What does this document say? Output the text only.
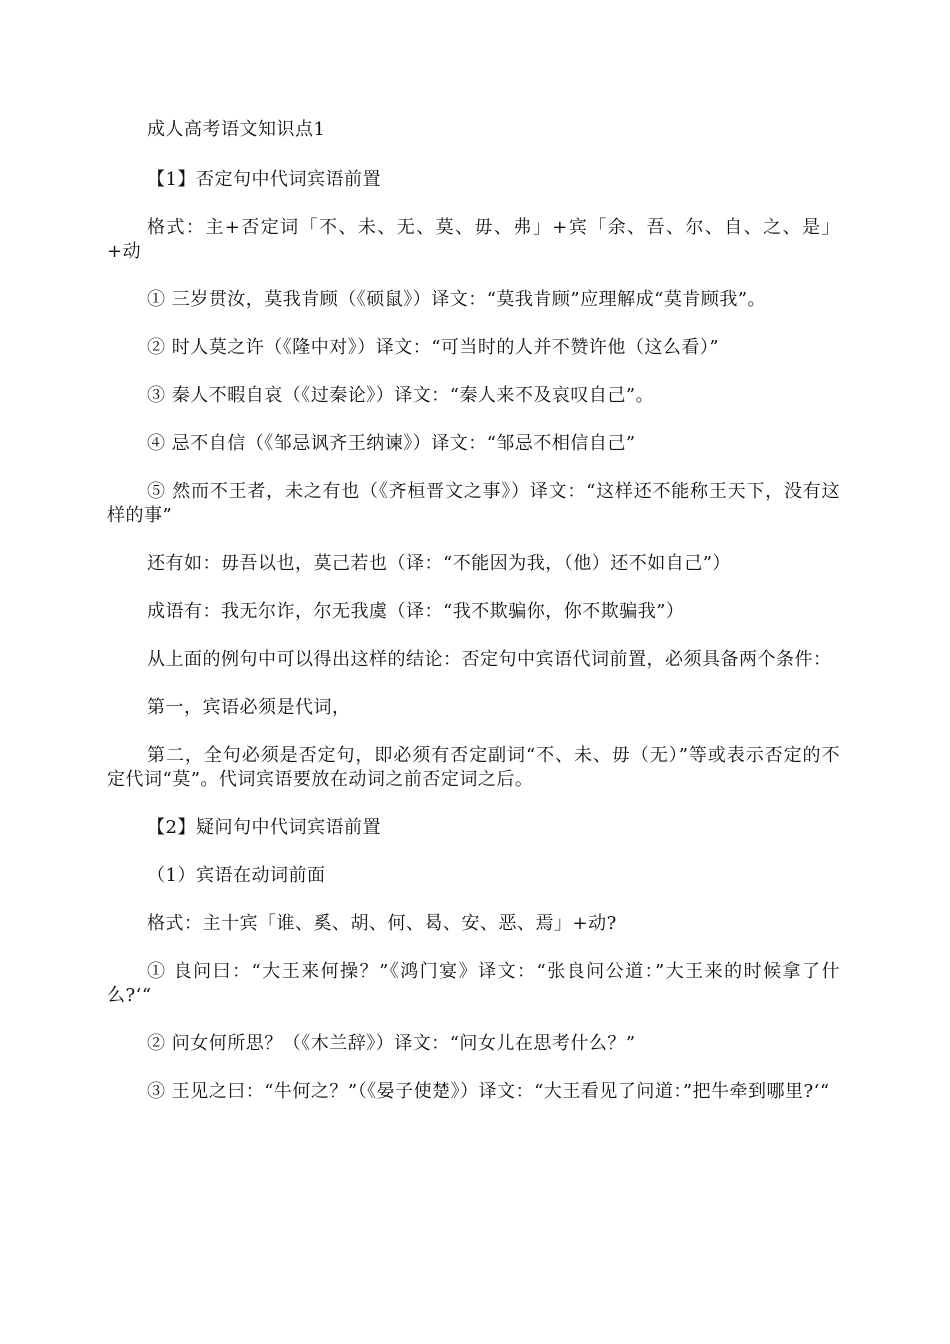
成人高考语文知识点1

【1】否定句中代词宾语前置

格式：主+否定词「不、未、无、莫、毋、弗」+宾「余、吾、尔、自、之、是」+动

① 三岁贯汝，莫我肯顾（《硕鼠》）译文：“莫我肯顾”应理解成“莫肯顾我”。

② 时人莫之许（《隆中对》）译文：“可当时的人并不赞许他（这么看）”

③ 秦人不暇自哀（《过秦论》）译文：“秦人来不及哀叹自己”。

④ 忌不自信（《邹忌讽齐王纳谏》）译文：“邹忌不相信自己”

⑤ 然而不王者，未之有也（《齐桓晋文之事》）译文：“这样还不能称王天下，没有这样的事”

还有如：毋吾以也，莫己若也（译：“不能因为我，（他）还不如自己”）

成语有：我无尔诈，尔无我虞（译：“我不欺骗你，你不欺骗我”）

从上面的例句中可以得出这样的结论：否定句中宾语代词前置，必须具备两个条件：

第一，宾语必须是代词，

第二，全句必须是否定句，即必须有否定副词“不、未、毋（无）”等或表示否定的不定代词“莫”。代词宾语要放在动词之前否定词之后。

【2】疑问句中代词宾语前置

（1）宾语在动词前面

格式：主十宾「谁、奚、胡、何、曷、安、恶、焉」+动?

① 良问曰：“大王来何操？”《鸿门宴》译文：“张良问公道：”大王来的时候拿了什么?‘“

② 问女何所思？（《木兰辞》）译文：“问女儿在思考什么？”

③ 王见之曰：“牛何之？”（《晏子使楚》）译文：“大王看见了问道：”把牛牵到哪里?‘“
